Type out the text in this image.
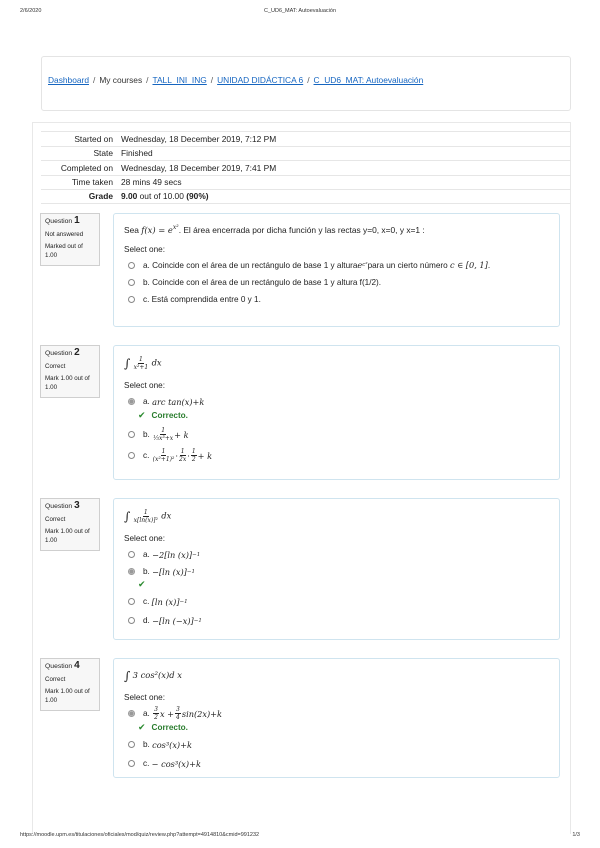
2/6/2020	C_UD6_MAT: Autoevaluación
Dashboard / My courses / TALL_INI_ING / UNIDAD DIDÁCTICA 6 / C_UD6_MAT: Autoevaluación
Started on Wednesday, 18 December 2019, 7:12 PM
State Finished
Completed on Wednesday, 18 December 2019, 7:41 PM
Time taken 28 mins 49 secs
Grade 9.00 out of 10.00 (90%)
Question 1
Not answered
Marked out of 1.00
Sea $f(x) = e^{x^2}$. El área encerrada por dicha función y las rectas y=0, x=0, y x=1 :
Select one:
a.
Coincide con el área de un rectángulo de base 1 y altura e c² para un cierto número
c ∈ [0, 1] .
b.
Coincide con el área de un rectángulo de base 1 y altura f(1/2).
c.
Está comprendida entre 0 y 1.
Question 2
Correct
Mark 1.00 out of 1.00
∫ $\frac{1}{\text{x²+1}}$ dx
Select one:
a.
arc tan(x)+k
✔ Correcto.
b.
$\frac{1}{\text{⅓x³+x}} + k$
c.
$\frac{1}{\text{(x²+1)²}} \cdot \frac{1}{2x} \cdot \frac{1}{2} + k$
Question 3
Correct
Mark 1.00 out of 1.00
∫ $\frac{1}{\text{x[ln(x)]²}}$ dx
Select one:
a.
−2[ln (x)] −1
b.
−[ln (x)] −1
✔
c.
[ln (x)] −1
d.
−[ln (−x)] −1
Question 4
Correct
Mark 1.00 out of 1.00
∫ 3 cos²(x)d x
Select one:
a.
$\frac{3}{2}$ $x + \frac{3}{4} \sin(2x)+k$
✔ Correcto.
b.
cos³(x)+k
c.
− cos³(x)+k
https://moodle.upm.es/titulaciones/oficiales/mod/quiz/review.php?attempt=4914810&cmid=991232	1/3
